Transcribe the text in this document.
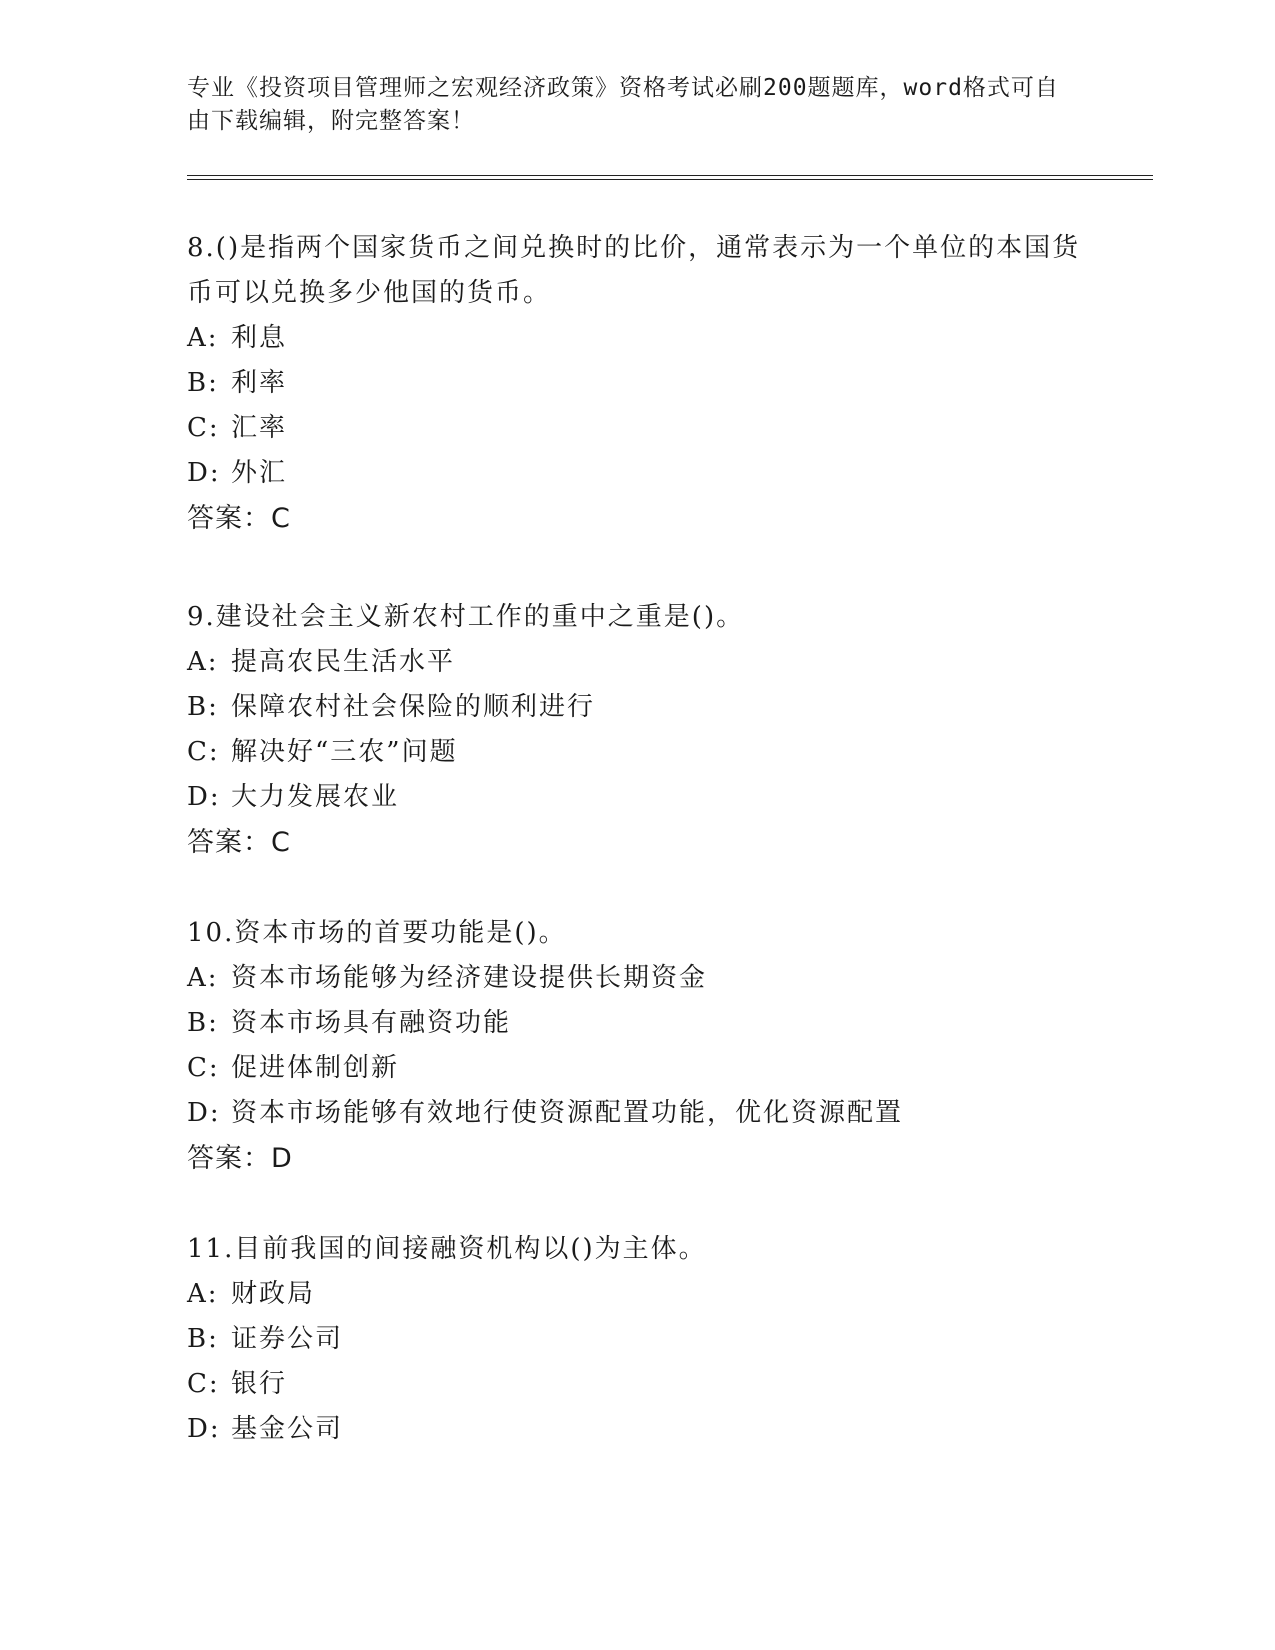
专业《投资项目管理师之宏观经济政策》资格考试必刷200题题库，word格式可自由下载编辑，附完整答案！

8.()是指两个国家货币之间兑换时的比价，通常表示为一个单位的本国货币可以兑换多少他国的货币。

A: 利息

B: 利率

C: 汇率

D: 外汇

答案：C

9.建设社会主义新农村工作的重中之重是()。

A: 提高农民生活水平

B: 保障农村社会保险的顺利进行

C: 解决好“三农”问题

D: 大力发展农业

答案：C

10.资本市场的首要功能是()。

A: 资本市场能够为经济建设提供长期资金

B: 资本市场具有融资功能

C: 促进体制创新

D: 资本市场能够有效地行使资源配置功能，优化资源配置

答案：D

11.目前我国的间接融资机构以()为主体。

A: 财政局

B: 证券公司

C: 银行

D: 基金公司
